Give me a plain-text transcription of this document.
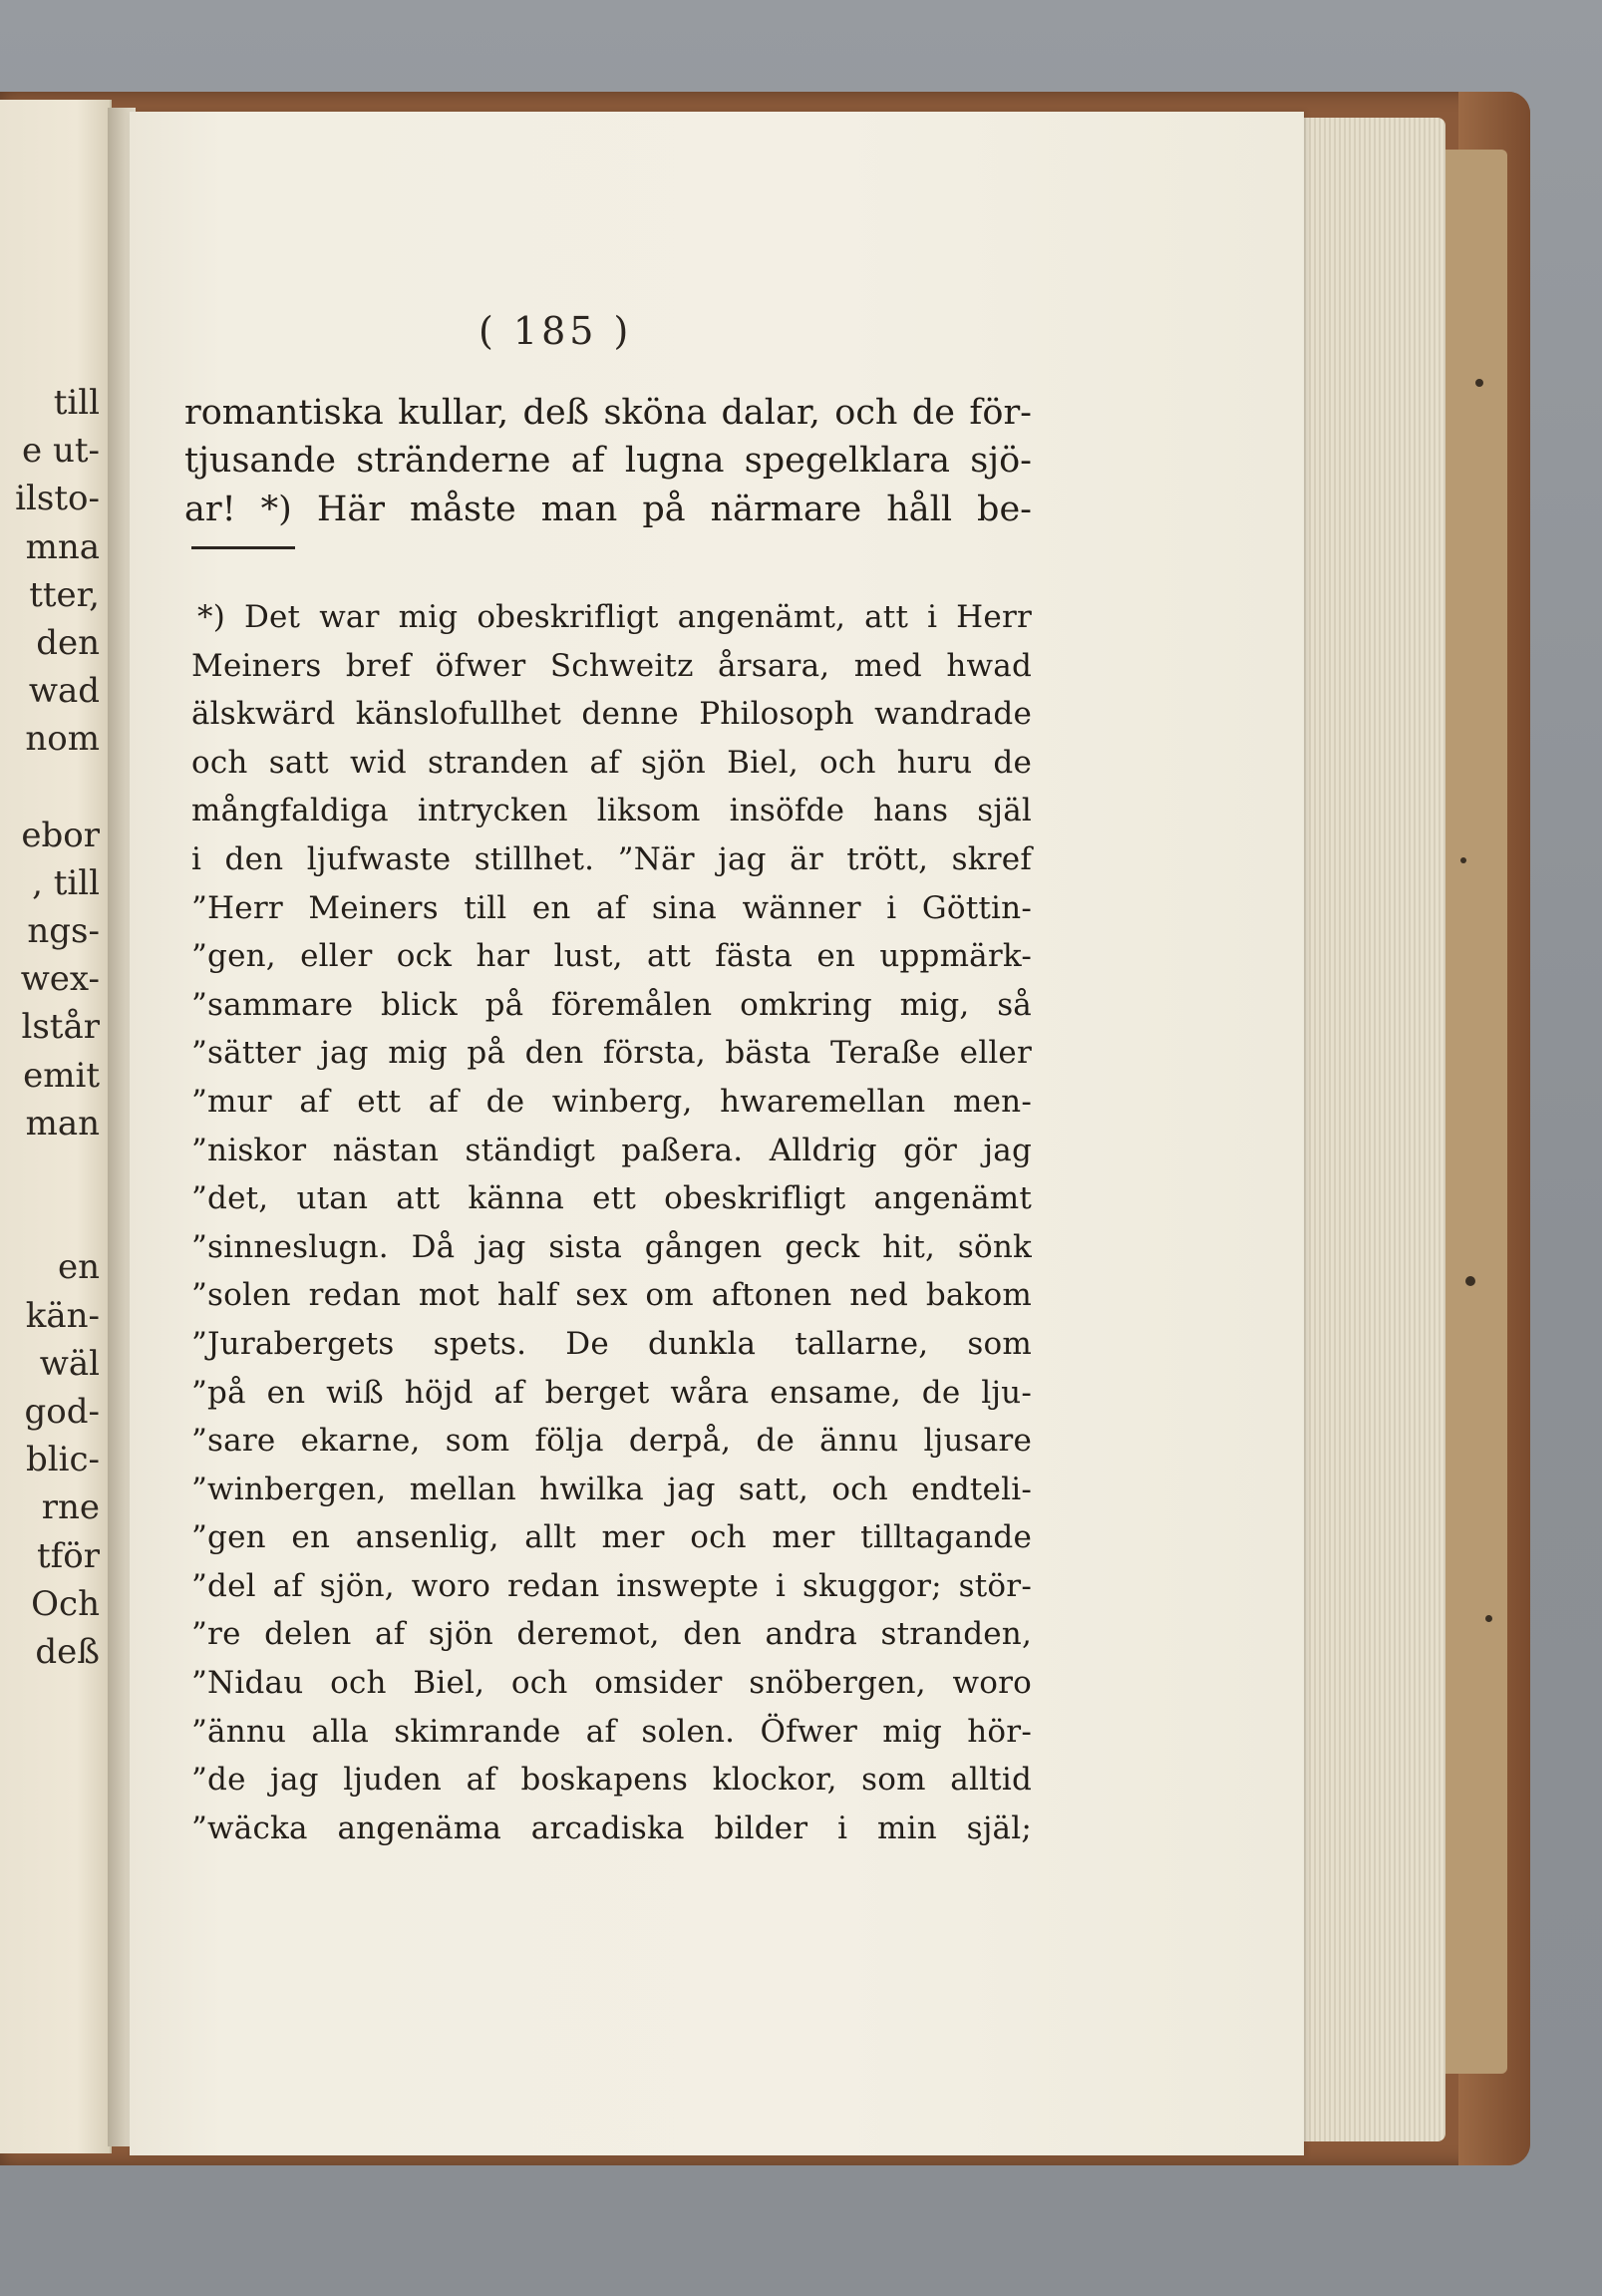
till
e ut-
ilsto-
mna
tter,
den
wad
nom
ebor
, till
ngs-
wex-
lstår
emit
man
en
kän-
wäl
god-
blic-
rne
tför
Och
deß
( 185 )
romantiska kullar, deß sköna dalar, och de för-
tjusande stränderne af lugna spegelklara sjö-
ar! *) Här måste man på närmare håll be-
*) Det war mig obeskrifligt angenämt, att i Herr
Meiners bref öfwer Schweitz årsara, med hwad
älskwärd känslofullhet denne Philosoph wandrade
och satt wid stranden af sjön Biel, och huru de
mångfaldiga intrycken liksom insöfde hans själ
i den ljufwaste stillhet. ”När jag är trött, skref
”Herr Meiners till en af sina wänner i Göttin-
”gen, eller ock har lust, att fästa en uppmärk-
”sammare blick på föremålen omkring mig, så
”sätter jag mig på den första, bästa Teraße eller
”mur af ett af de winberg, hwaremellan men-
”niskor nästan ständigt paßera. Alldrig gör jag
”det, utan att känna ett obeskrifligt angenämt
”sinneslugn. Då jag sista gången geck hit, sönk
”solen redan mot half sex om aftonen ned bakom
”Jurabergets spets. De dunkla tallarne, som
”på en wiß höjd af berget wåra ensame, de lju-
”sare ekarne, som följa derpå, de ännu ljusare
”winbergen, mellan hwilka jag satt, och endteli-
”gen en ansenlig, allt mer och mer tilltagande
”del af sjön, woro redan inswepte i skuggor; stör-
”re delen af sjön deremot, den andra stranden,
”Nidau och Biel, och omsider snöbergen, woro
”ännu alla skimrande af solen. Öfwer mig hör-
”de jag ljuden af boskapens klockor, som alltid
”wäcka angenäma arcadiska bilder i min själ;
